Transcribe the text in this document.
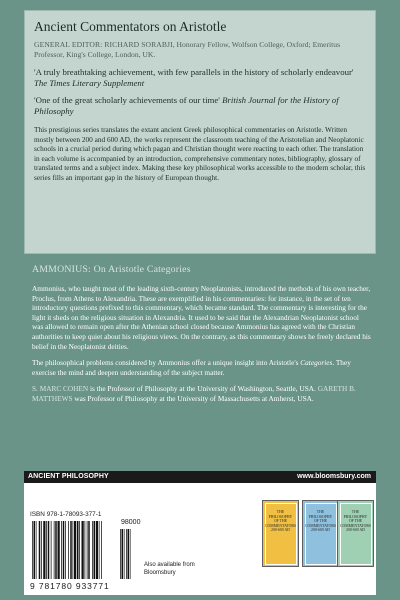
Ancient Commentators on Aristotle

GENERAL EDITOR: RICHARD SORABJI, Honorary Fellow, Wolfson College, Oxford; Emeritus Professor, King's College, London, UK.

'A truly breathtaking achievement, with few parallels in the history of scholarly endeavour' The Times Literary Supplement

'One of the great scholarly achievements of our time' British Journal for the History of Philosophy

This prestigious series translates the extant ancient Greek philosophical commentaries on Aristotle. Written mostly between 200 and 600 AD, the works represent the classroom teaching of the Aristotelian and Neoplatonic schools in a crucial period during which pagan and Christian thought were reacting to each other. The translation in each volume is accompanied by an introduction, comprehensive commentary notes, bibliography, glossary of translated terms and a subject index. Making these key philosophical works accessible to the modern scholar, this series fills an important gap in the history of European thought.

AMMONIUS: On Aristotle Categories

Ammonius, who taught most of the leading sixth-century Neoplatonists, introduced the methods of his own teacher, Proclus, from Athens to Alexandria. These are exemplified in his commentaries: for instance, in the set of ten introductory questions prefixed to this commentary, which became standard. The commentary is interesting for the light it sheds on the religious situation in Alexandria. It used to be said that the Alexandrian Neoplatonist school was allowed to remain open after the Athenian school closed because Ammonius has agreed with the Christian authorities to keep quiet about his religious views. On the contrary, as this commentary shows he freely declared his belief in the Neoplatonist deities.

The philosophical problems considered by Ammonius offer a unique insight into Aristotle's Categories. They exercise the mind and deepen understanding of the subject matter.

S. MARC COHEN is the Professor of Philosophy at the University of Washington, Seattle, USA. GARETH B. MATTHEWS was Professor of Philosophy at the University of Massachusetts at Amherst, USA.

ANCIENT PHILOSOPHY	www.bloomsbury.com
ISBN 978-1-78093-377-1
98000
9 781780 933771
Also available from Bloomsbury
THE
PHILOSOPHY
OF THE
COMMENTATORS
200-600 AD
THE
PHILOSOPHY
OF THE
COMMENTATORS
200-600 AD
THE
PHILOSOPHY
OF THE
COMMENTATORS
200-600 AD
